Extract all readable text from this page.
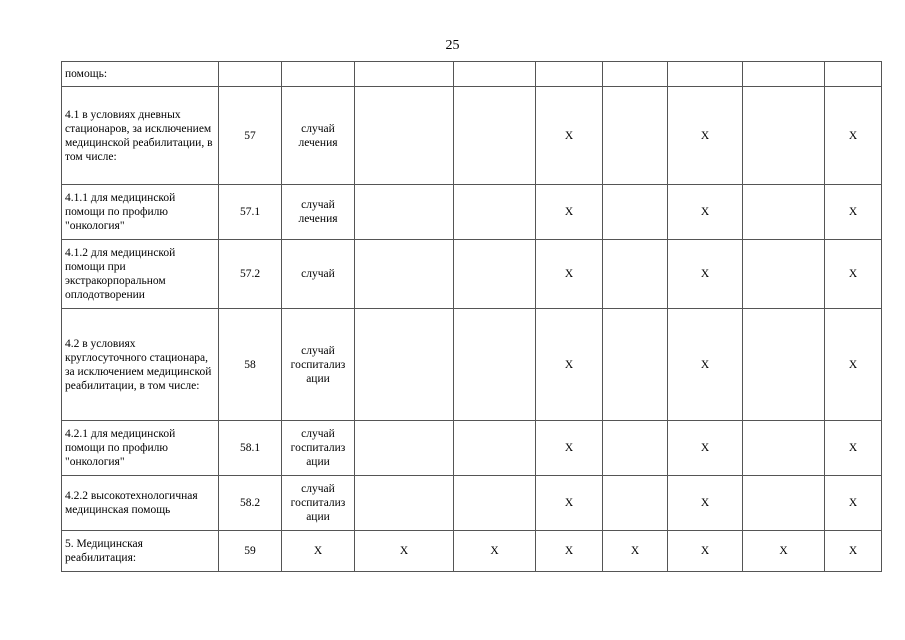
25
помощь:									
4.1 в условиях дневных стационаров, за исключением медицинской реабилитации, в том числе:	57	случай лечения			X		X		X
4.1.1 для медицинской помощи по профилю "онкология"	57.1	случай лечения			X		X		X
4.1.2 для медицинской помощи при экстракорпоральном оплодотворении	57.2	случай			X		X		X
4.2 в условиях круглосуточного стационара, за исключением медицинской реабилитации, в том числе:	58	случай госпитализ ации			X		X		X
4.2.1 для медицинской помощи по профилю "онкология"	58.1	случай госпитализ ации			X		X		X
4.2.2 высокотехнологичная медицинская помощь	58.2	случай госпитализ ации			X		X		X
5. Медицинская реабилитация:	59	X	X	X	X	X	X	X	X
